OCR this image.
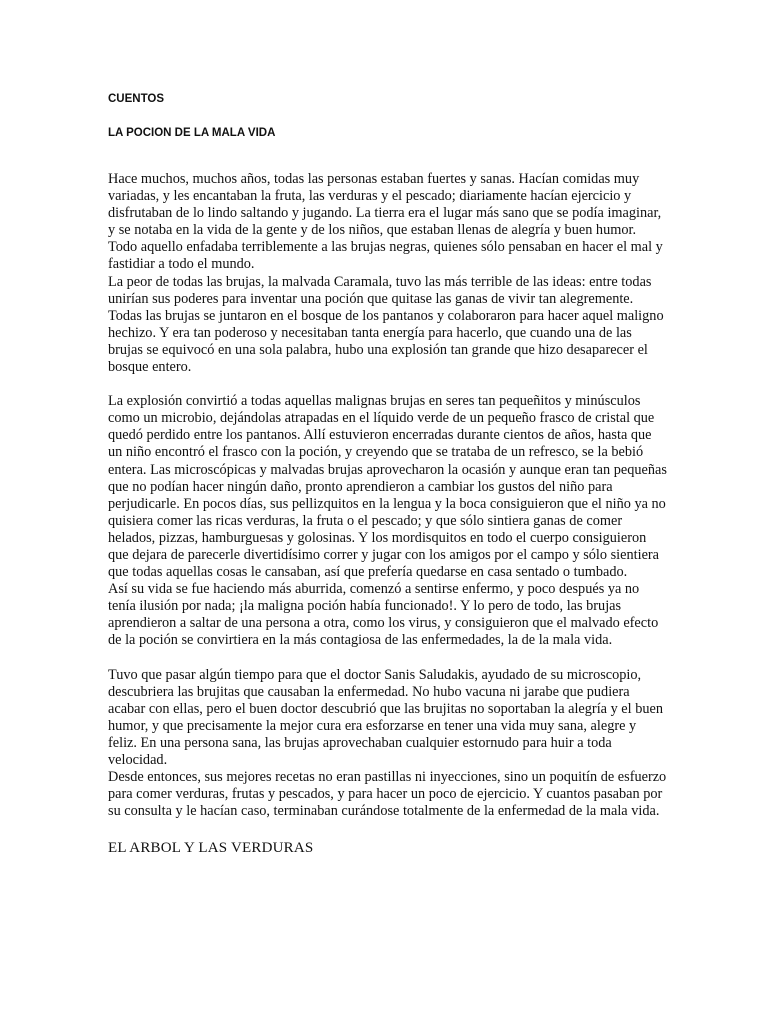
CUENTOS

LA POCION DE LA MALA VIDA

Hace muchos, muchos años, todas las personas estaban fuertes y sanas. Hacían comidas muy variadas, y les encantaban la fruta, las verduras y el pescado; diariamente hacían ejercicio y disfrutaban de lo lindo saltando y jugando. La tierra era el lugar más sano que se podía imaginar, y se notaba en la vida de la gente y de los niños, que estaban llenas de alegría y buen humor. Todo aquello enfadaba terriblemente a las brujas negras, quienes sólo pensaban en hacer el mal y fastidiar a todo el mundo.

La peor de todas las brujas, la malvada Caramala, tuvo las más terrible de las ideas: entre todas unirían sus poderes para inventar una poción que quitase las ganas de vivir tan alegremente. Todas las brujas se juntaron en el bosque de los pantanos y colaboraron para hacer aquel maligno hechizo. Y era tan poderoso y necesitaban tanta energía para hacerlo, que cuando una de las brujas se equivocó en una sola palabra, hubo una explosión tan grande que hizo desaparecer el bosque entero.

La explosión convirtió a todas aquellas malignas brujas en seres tan pequeñitos y minúsculos como un microbio, dejándolas atrapadas en el líquido verde de un pequeño frasco de cristal que quedó perdido entre los pantanos. Allí estuvieron encerradas durante cientos de años, hasta que un niño encontró el frasco con la poción, y creyendo que se trataba de un refresco, se la bebió entera. Las microscópicas y malvadas brujas aprovecharon la ocasión y aunque eran tan pequeñas que no podían hacer ningún daño, pronto aprendieron a cambiar los gustos del niño para perjudicarle. En pocos días, sus pellizquitos en la lengua y la boca consiguieron que el niño ya no quisiera comer las ricas verduras, la fruta o el pescado; y que sólo sintiera ganas de comer helados, pizzas, hamburguesas y golosinas. Y los mordisquitos en todo el cuerpo consiguieron que dejara de parecerle divertidísimo correr y jugar con los amigos por el campo y sólo sientiera que todas aquellas cosas le cansaban, así que prefería quedarse en casa sentado o tumbado.

Así su vida se fue haciendo más aburrida, comenzó a sentirse enfermo, y poco después ya no tenía ilusión por nada; ¡la maligna poción había funcionado!. Y lo pero de todo, las brujas aprendieron a saltar de una persona a otra, como los virus, y consiguieron que el malvado efecto de la poción se convirtiera en la más contagiosa de las enfermedades, la de la mala vida.

Tuvo que pasar algún tiempo para que el doctor Sanis Saludakis, ayudado de su microscopio, descubriera las brujitas que causaban la enfermedad. No hubo vacuna ni jarabe que pudiera acabar con ellas, pero el buen doctor descubrió que las brujitas no soportaban la alegría y el buen humor, y que precisamente la mejor cura era esforzarse en tener una vida muy sana, alegre y feliz. En una persona sana, las brujas aprovechaban cualquier estornudo para huir a toda velocidad.

Desde entonces, sus mejores recetas no eran pastillas ni inyecciones, sino un poquitín de esfuerzo para comer verduras, frutas y pescados, y para hacer un poco de ejercicio. Y cuantos pasaban por su consulta y le hacían caso, terminaban curándose totalmente de la enfermedad de la mala vida.

EL ARBOL Y LAS VERDURAS
